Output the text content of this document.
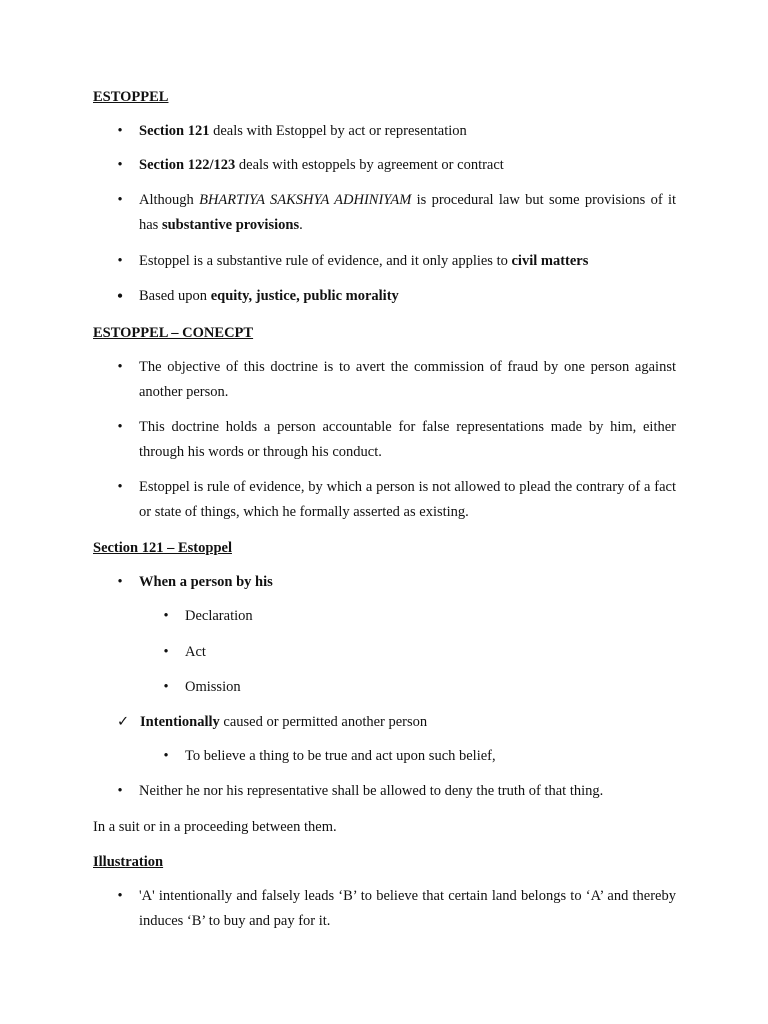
ESTOPPEL
• Section 121 deals with Estoppel by act or representation
• Section 122/123 deals with estoppels by agreement or contract
• Although BHARTIYA SAKSHYA ADHINIYAM is procedural law but some provisions of it has substantive provisions.
• Estoppel is a substantive rule of evidence, and it only applies to civil matters
• Based upon equity, justice, public morality
ESTOPPEL – CONECPT
• The objective of this doctrine is to avert the commission of fraud by one person against another person.
• This doctrine holds a person accountable for false representations made by him, either through his words or through his conduct.
• Estoppel is rule of evidence, by which a person is not allowed to plead the contrary of a fact or state of things, which he formally asserted as existing.
Section 121 – Estoppel
• When a person by his
• Declaration
• Act
• Omission
✓ Intentionally caused or permitted another person
• To believe a thing to be true and act upon such belief,
• Neither he nor his representative shall be allowed to deny the truth of that thing.
In a suit or in a proceeding between them.
Illustration
• 'A' intentionally and falsely leads ‘B’ to believe that certain land belongs to ‘A’ and thereby induces ‘B’ to buy and pay for it.
